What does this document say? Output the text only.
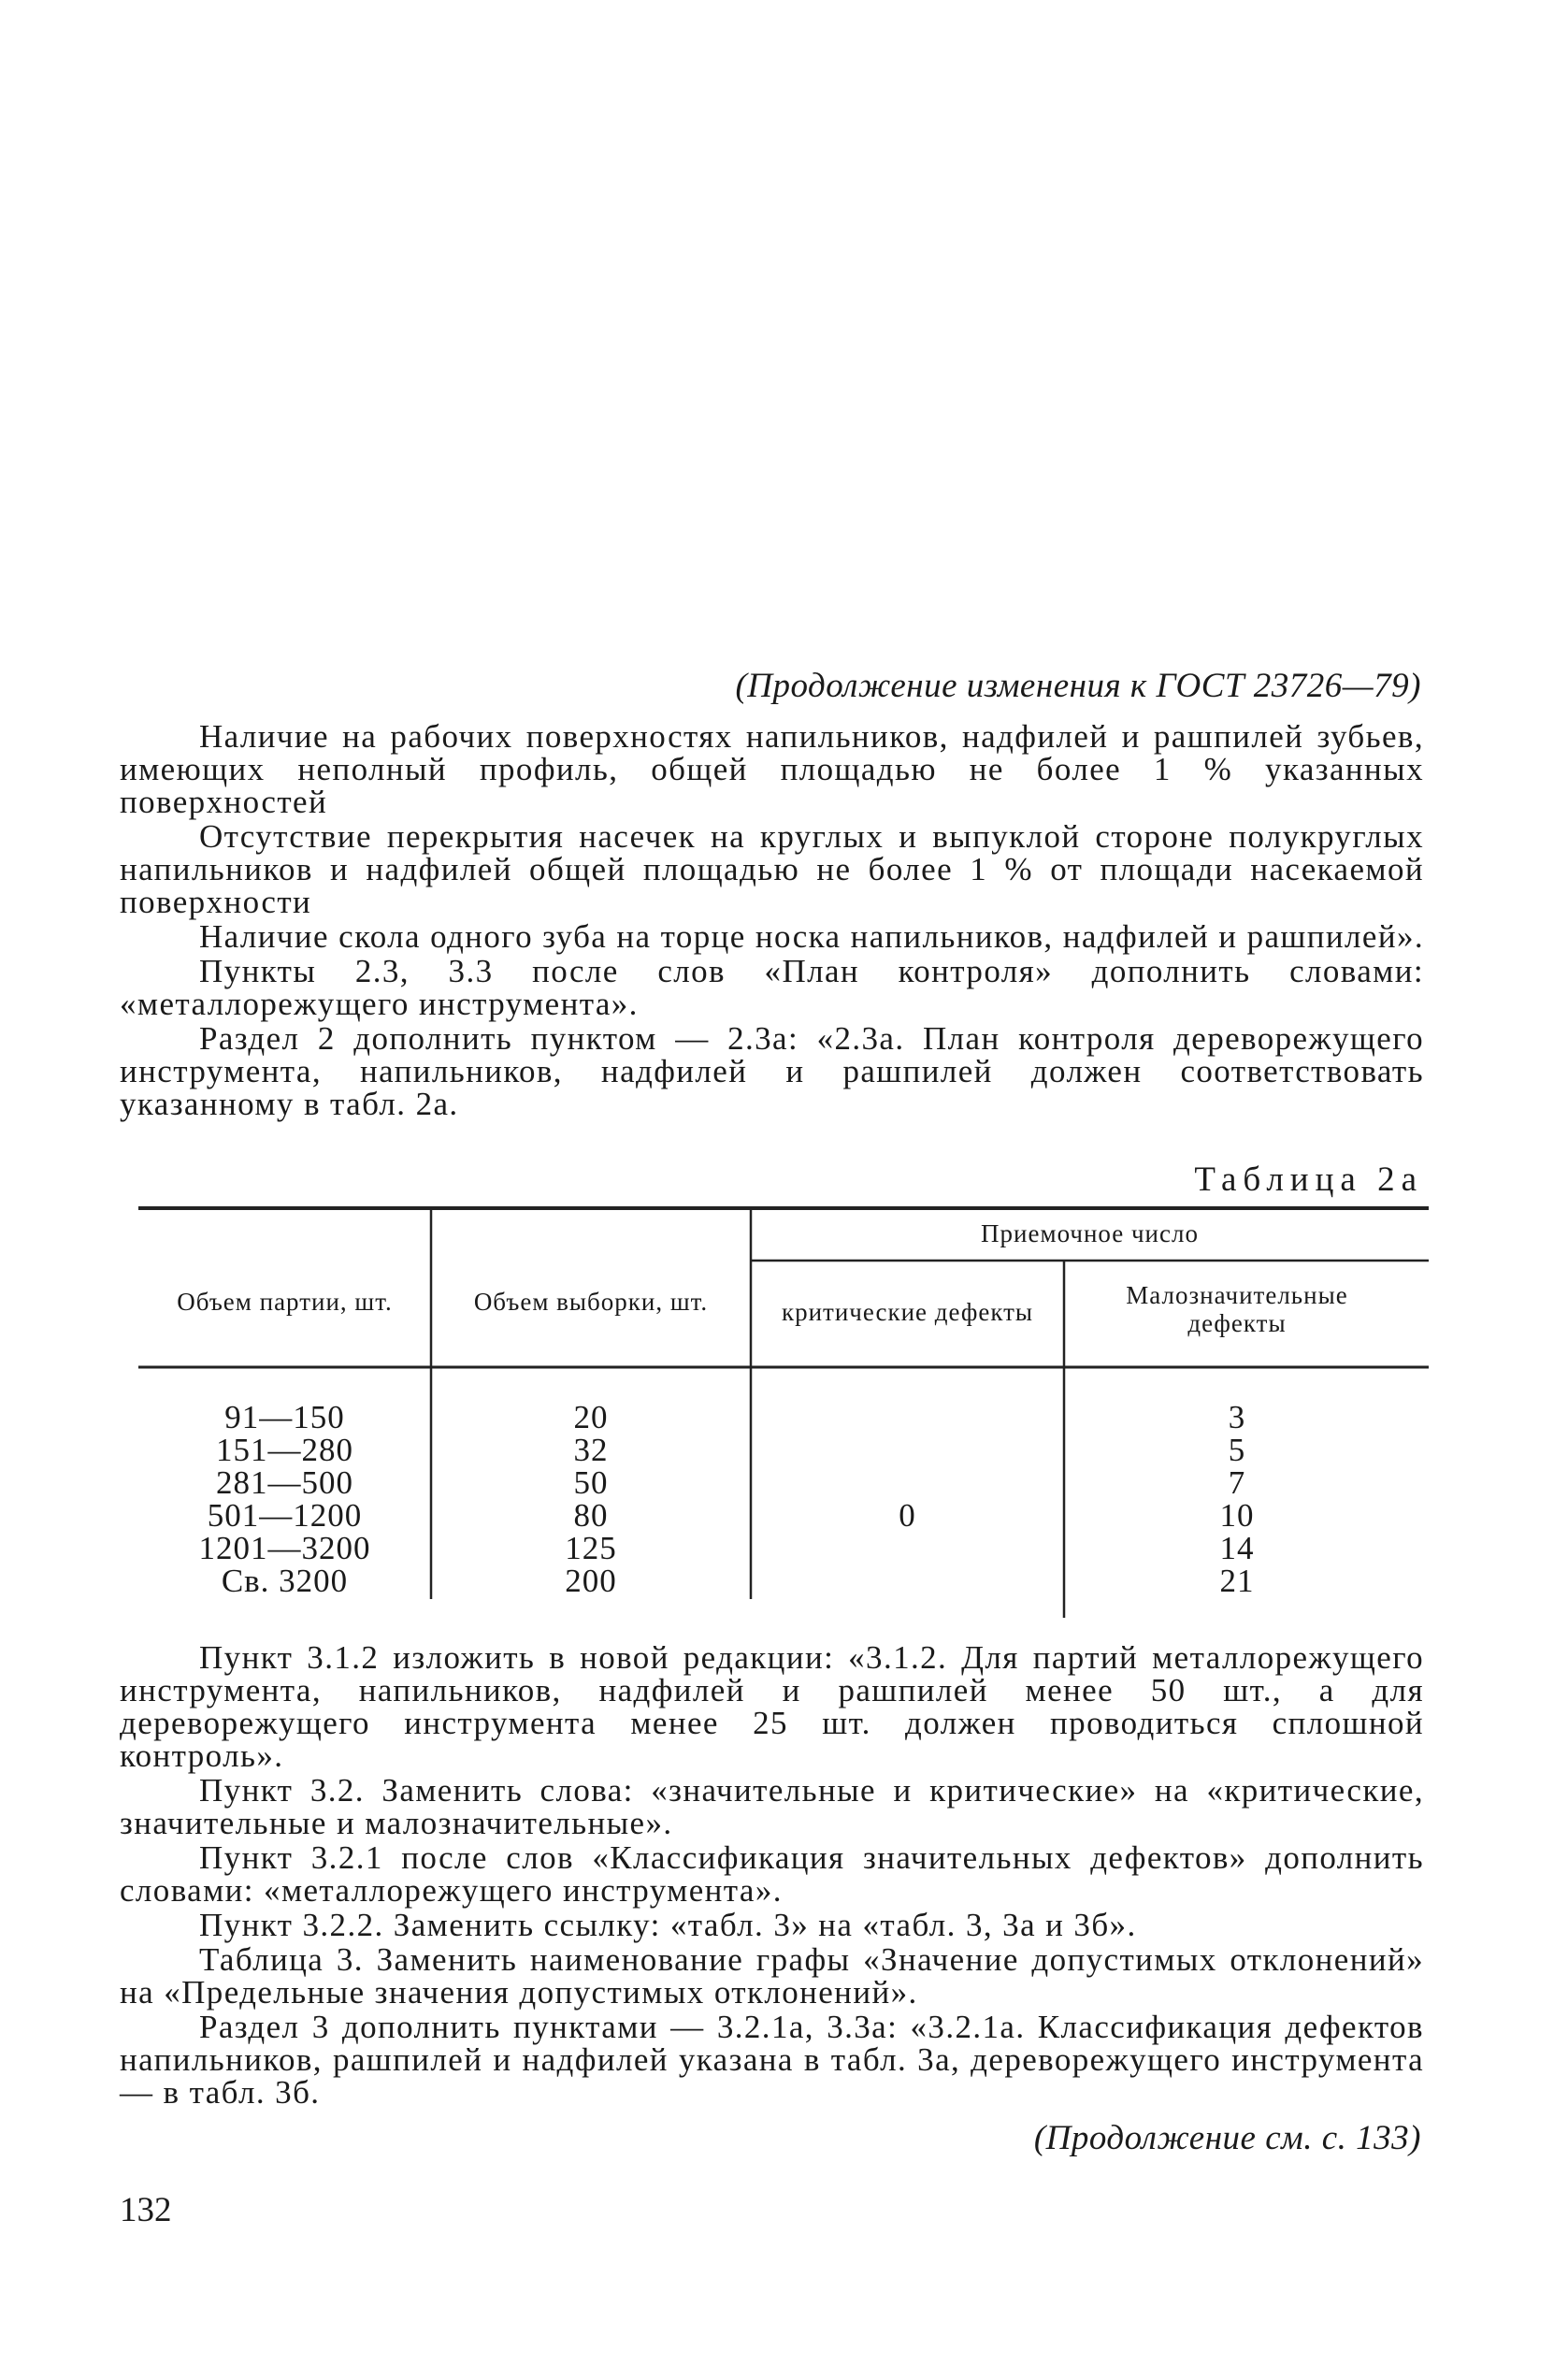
(Продолжение изменения к ГОСТ 23726—79)

Наличие на рабочих поверхностях напильников, надфилей и рашпилей зубьев, имеющих неполный профиль, общей площадью не более 1 % указанных поверхностей

Отсутствие перекрытия насечек на круглых и выпуклой стороне полукруглых напильников и надфилей общей площадью не более 1 % от площади насекаемой поверхности

Наличие скола одного зуба на торце носка напильников, надфилей и рашпилей».

Пункты 2.3, 3.3 после слов «План контроля» дополнить словами: «металлорежущего инструмента».

Раздел 2 дополнить пунктом — 2.3а: «2.3а. План контроля дереворежущего инструмента, напильников, надфилей и рашпилей должен соответствовать указанному в табл. 2а.

Таблица 2а
Объем партии, шт.	Объем выборки, шт.
Приемочное число
критические дефекты
Малозначительные дефекты
91—150
151—280
281—500
501—1200
1201—3200
Св. 3200
20
32
50
80
125
200
0
3
5
7
10
14
21

Пункт 3.1.2 изложить в новой редакции: «3.1.2. Для партий металлорежущего инструмента, напильников, надфилей и рашпилей менее 50 шт., а для дереворежущего инструмента менее 25 шт. должен проводиться сплошной контроль».

Пункт 3.2. Заменить слова: «значительные и критические» на «критические, значительные и малозначительные».

Пункт 3.2.1 после слов «Классификация значительных дефектов» дополнить словами: «металлорежущего инструмента».

Пункт 3.2.2. Заменить ссылку: «табл. 3» на «табл. 3, 3а и 3б».

Таблица 3. Заменить наименование графы «Значение допустимых отклонений» на «Предельные значения допустимых отклонений».

Раздел 3 дополнить пунктами — 3.2.1а, 3.3а: «3.2.1а. Классификация дефектов напильников, рашпилей и надфилей указана в табл. 3а, дереворежущего инструмента — в табл. 3б.

(Продолжение см. с. 133)
132
